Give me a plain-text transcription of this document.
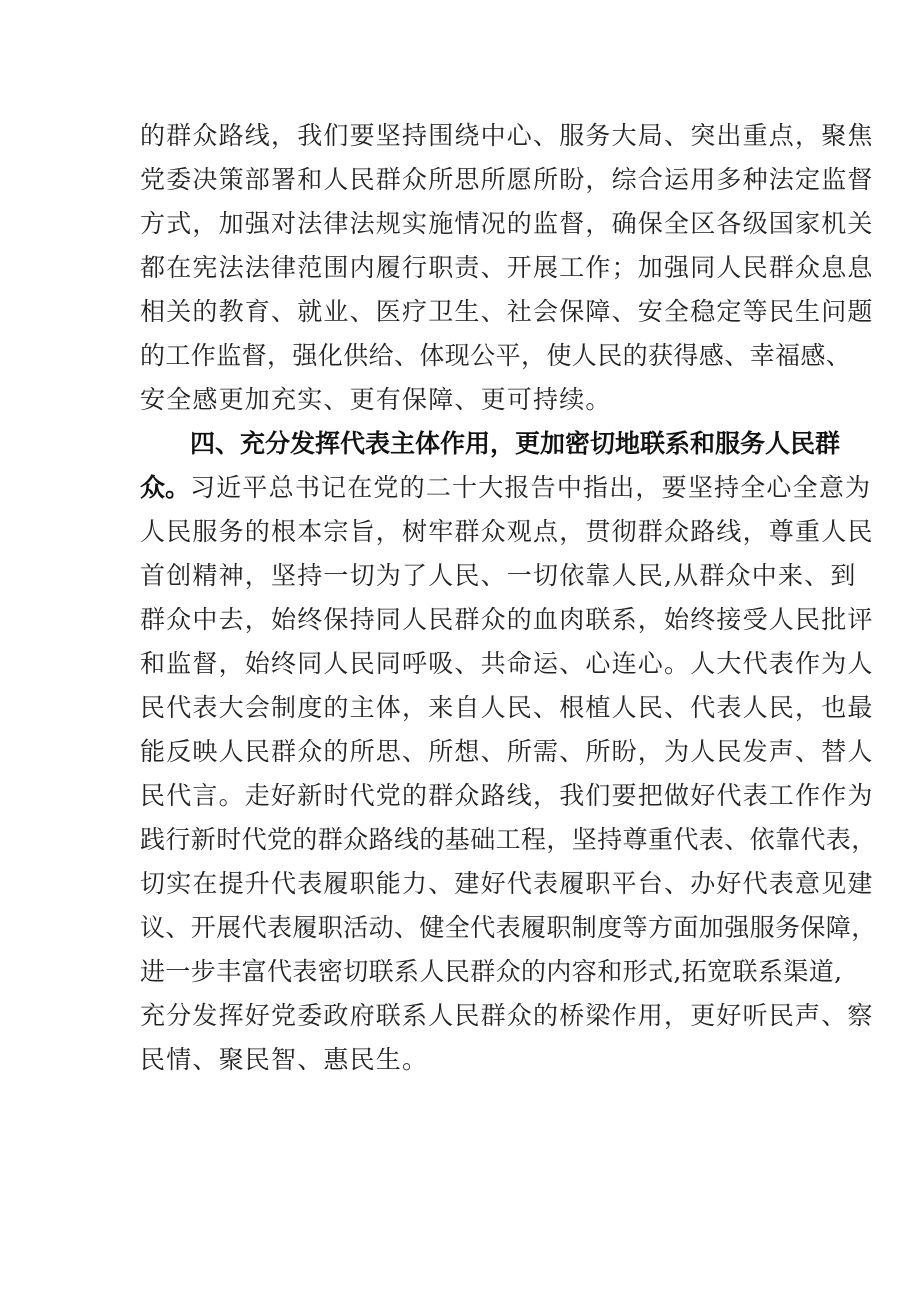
的群众路线，我们要坚持围绕中心、服务大局、突出重点，聚焦
党委决策部署和人民群众所思所愿所盼，综合运用多种法定监督
方式，加强对法律法规实施情况的监督，确保全区各级国家机关
都在宪法法律范围内履行职责、开展工作；加强同人民群众息息
相关的教育、就业、医疗卫生、社会保障、安全稳定等民生问题
的工作监督，强化供给、体现公平，使人民的获得感、幸福感、
安全感更加充实、更有保障、更可持续。
四、充分发挥代表主体作用，更加密切地联系和服务人民群
众。习近平总书记在党的二十大报告中指出，要坚持全心全意为
人民服务的根本宗旨，树牢群众观点，贯彻群众路线，尊重人民
首创精神，坚持一切为了人民、一切依靠人民,从群众中来、到
群众中去，始终保持同人民群众的血肉联系，始终接受人民批评
和监督，始终同人民同呼吸、共命运、心连心。人大代表作为人
民代表大会制度的主体，来自人民、根植人民、代表人民，也最
能反映人民群众的所思、所想、所需、所盼，为人民发声、替人
民代言。走好新时代党的群众路线，我们要把做好代表工作作为
践行新时代党的群众路线的基础工程，坚持尊重代表、依靠代表，
切实在提升代表履职能力、建好代表履职平台、办好代表意见建
议、开展代表履职活动、健全代表履职制度等方面加强服务保障，
进一步丰富代表密切联系人民群众的内容和形式,拓宽联系渠道,
充分发挥好党委政府联系人民群众的桥梁作用，更好听民声、察
民情、聚民智、惠民生。
